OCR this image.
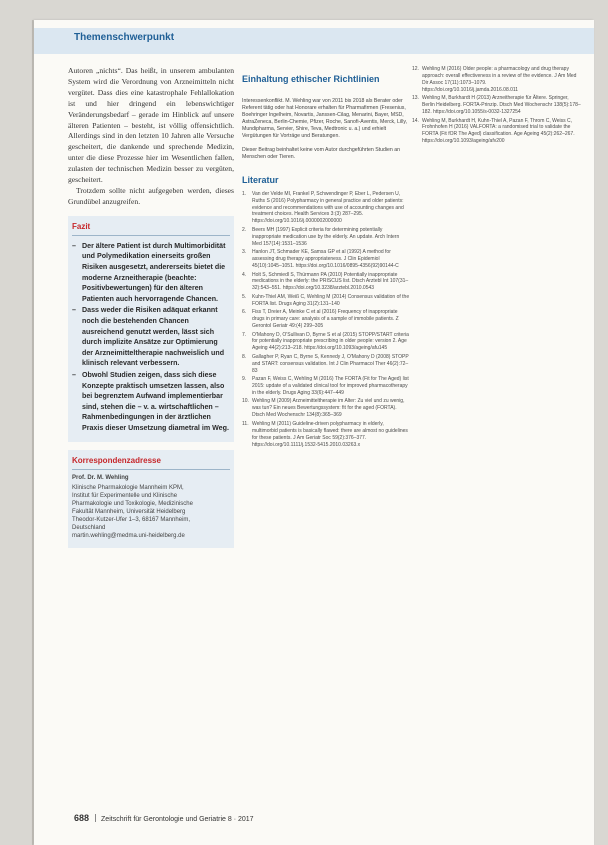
Themenschwerpunkt

Autoren „nichts“. Das heißt, in unserem ambulanten System wird die Verordnung von Arzneimitteln nicht vergütet. Dass dies eine katastrophale Fehlallokation ist und hier dringend ein lebenswichtiger Veränderungsbedarf – gerade im Hinblick auf unsere älteren Patienten – besteht, ist völlig offensichtlich. Allerdings sind in den letzten 10 Jahren alle Versuche gescheitert, die dankende und sprechende Medizin, unter die diese Prozesse hier im Wesentlichen fallen, zulasten der technischen Medizin besser zu vergüten, gescheitert.

Trotzdem sollte nicht aufgegeben werden, dieses Grundübel anzugreifen.

Fazit
– Der ältere Patient ist durch Multimorbidität und Polymedikation einerseits großen Risiken ausgesetzt, andererseits bietet die moderne Arzneitherapie (beachte: Positivbewertungen) für den älteren Patienten auch hervorragende Chancen.
– Dass weder die Risiken adäquat erkannt noch die bestehenden Chancen ausreichend genutzt werden, lässt sich durch implizite Ansätze zur Optimierung der Arzneimitteltherapie nachweislich und klinisch relevant verbessern.
– Obwohl Studien zeigen, dass sich diese Konzepte praktisch umsetzen lassen, also bei begrenztem Aufwand implementierbar sind, stehen die – v. a. wirtschaftlichen – Rahmenbedingungen in der ärztlichen Praxis dieser Umsetzung diametral im Weg.
Korrespondenzadresse
Prof. Dr. M. Wehling
Klinische Pharmakologie Mannheim KPM,
Institut für Experimentelle und Klinische
Pharmakologie und Toxikologie, Medizinische
Fakultät Mannheim, Universität Heidelberg
Theodor-Kutzer-Ufer 1–3, 68167 Mannheim,
Deutschland
martin.wehling@medma.uni-heidelberg.de
Einhaltung ethischer Richtlinien
Interessenkonflikt. M. Wehling war von 2011 bis 2018 als Berater oder Referent tätig oder hat Honorare erhalten für Pharmafirmen (Fresenius, Boehringer Ingelheim, Novartis, Janssen-Cilag, Menarini, Bayer, MSD, AstraZeneca, Berlin-Chemie, Pfizer, Roche, Sanofi-Aventis, Merck, Lilly, Mundipharma, Servier, Shire, Teva, Medtronic u. a.) und erhielt Vergütungen für Vorträge und Beratungen.
Dieser Beitrag beinhaltet keine vom Autor durchgeführten Studien an Menschen oder Tieren.
Literatur
1.	Van der Velde MI, Frankel P, Schwendinger P, Eber L, Pedersen U, Ruths S (2016) Polypharmacy in general practice and older patients: evidence and recommendations with use of accounting changes and treatment choices. Health Services 3:(3) 287–295. https://doi.org/10.1016/j.0000002000000
2.	Beers MH (1997) Explicit criteria for determining potentially inappropriate medication use by the elderly. An update. Arch Intern Med 157(14):1531–1536
3.	Hanlon JT, Schmader KE, Samsa GP et al (1992) A method for assessing drug therapy appropriateness. J Clin Epidemiol 45(10):1045–1051. https://doi.org/10.1016/0895-4356(92)90144-C
4.	Holt S, Schmiedl S, Thürmann PA (2010) Potentially inappropriate medications in the elderly: the PRISCUS list. Dtsch Arztebl Int 107(31–32):543–551. https://doi.org/10.3238/arztebl.2010.0543
5.	Kuhn-Thiel AM, Weiß C, Wehling M (2014) Consensus validation of the FORTA list. Drugs Aging 31(2):131–140
6.	Fiss T, Dreier A, Meinke C et al (2016) Frequency of inappropriate drugs in primary care: analysis of a sample of immobile patients. Z Gerontol Geriatr 49:(4) 299–305
7.	O'Mahony D, O'Sullivan D, Byrne S et al (2015) STOPP/START criteria for potentially inappropriate prescribing in older people: version 2. Age Ageing 44(2):213–218. https://doi.org/10.1093/ageing/afu145
8.	Gallagher P, Ryan C, Byrne S, Kennedy J, O'Mahony D (2008) STOPP and START: consensus validation. Int J Clin Pharmacol Ther 46(2):72–83
9.	Pazan F, Weiss C, Wehling M (2016) The FORTA (Fit for The Aged) list 2015: update of a validated clinical tool for improved pharmacotherapy in the elderly. Drugs Aging 33(6):447–449
10. Wehling M (2009) Arzneimitteltherapie im Alter: Zu viel und zu wenig, was tun? Ein neues Bewertungssystem: fit for the aged (FORTA). Dtsch Med Wochenschr 134(8):365–369
11. Wehling M (2011) Guideline-driven polypharmacy in elderly, multimorbid patients is basically flawed: there are almost no guidelines for these patients. J Am Geriatr Soc 59(2):376–377. https://doi.org/10.1111/j.1532-5415.2010.03263.x
12. Wehling M (2016) Older people: a pharmacology and drug therapy approach: overall effectiveness in a review of the evidence. J Am Med Dir Assoc 17(11):1073–1079. https://doi.org/10.1016/j.jamda.2016.08.011
13. Wehling M, Burkhardt H (2013) Arzneitherapie für Ältere. Springer, Berlin Heidelberg. FORTA-Prinzip. Dtsch Med Wochenschr 138(5):178–182. https://doi.org/10.1055/s-0032-1327254
14. Wehling M, Burkhardt H, Kuhn-Thiel A, Pazan F, Throm C, Weiss C, Frohnhofen H (2016) VALFORTA: a randomised trial to validate the FORTA (Fit fOR The Aged) classification. Age Ageing 45(2):262–267. https://doi.org/10.1093/ageing/afv200
688 Zeitschrift für Gerontologie und Geriatrie 8 · 2017
